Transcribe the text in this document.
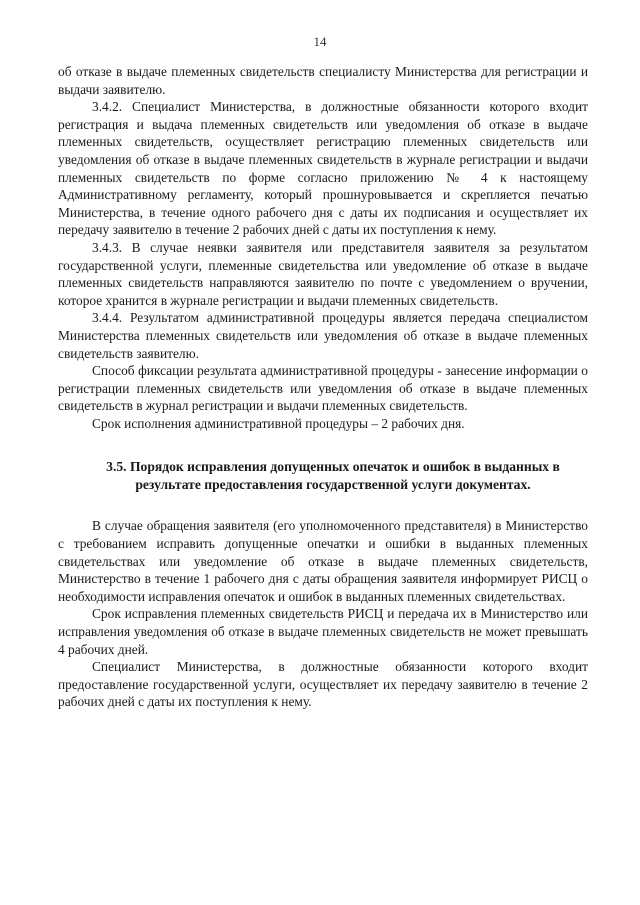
14

об отказе в выдаче племенных свидетельств специалисту Министерства для регистрации и выдачи заявителю.

3.4.2. Специалист Министерства, в должностные обязанности которого входит регистрация и выдача племенных свидетельств или уведомления об отказе в выдаче племенных свидетельств, осуществляет регистрацию племенных свидетельств или уведомления об отказе в выдаче племенных свидетельств в журнале регистрации и выдачи племенных свидетельств по форме согласно приложению № 4 к настоящему Административному регламенту, который прошнуровывается и скрепляется печатью Министерства, в течение одного рабочего дня с даты их подписания и осуществляет их передачу заявителю в течение 2 рабочих дней с даты их поступления к нему.

3.4.3. В случае неявки заявителя или представителя заявителя за результатом государственной услуги, племенные свидетельства или уведомление об отказе в выдаче племенных свидетельств направляются заявителю по почте с уведомлением о вручении, которое хранится в журнале регистрации и выдачи племенных свидетельств.

3.4.4. Результатом административной процедуры является передача специалистом Министерства племенных свидетельств или уведомления об отказе в выдаче племенных свидетельств заявителю.

Способ фиксации результата административной процедуры - занесение информации о регистрации племенных свидетельств или уведомления об отказе в выдаче племенных свидетельств в журнал регистрации и выдачи племенных свидетельств.

Срок исполнения административной процедуры – 2 рабочих дня.

3.5. Порядок исправления допущенных опечаток и ошибок в выданных в результате предоставления государственной услуги документах.

В случае обращения заявителя (его уполномоченного представителя) в Министерство с требованием исправить допущенные опечатки и ошибки в выданных племенных свидетельствах или уведомление об отказе в выдаче племенных свидетельств, Министерство в течение 1 рабочего дня с даты обращения заявителя информирует РИСЦ о необходимости исправления опечаток и ошибок в выданных племенных свидетельствах.

Срок исправления племенных свидетельств РИСЦ и передача их в Министерство или исправления уведомления об отказе в выдаче племенных свидетельств не может превышать 4 рабочих дней.

Специалист Министерства, в должностные обязанности которого входит предоставление государственной услуги, осуществляет их передачу заявителю в течение 2 рабочих дней с даты их поступления к нему.
